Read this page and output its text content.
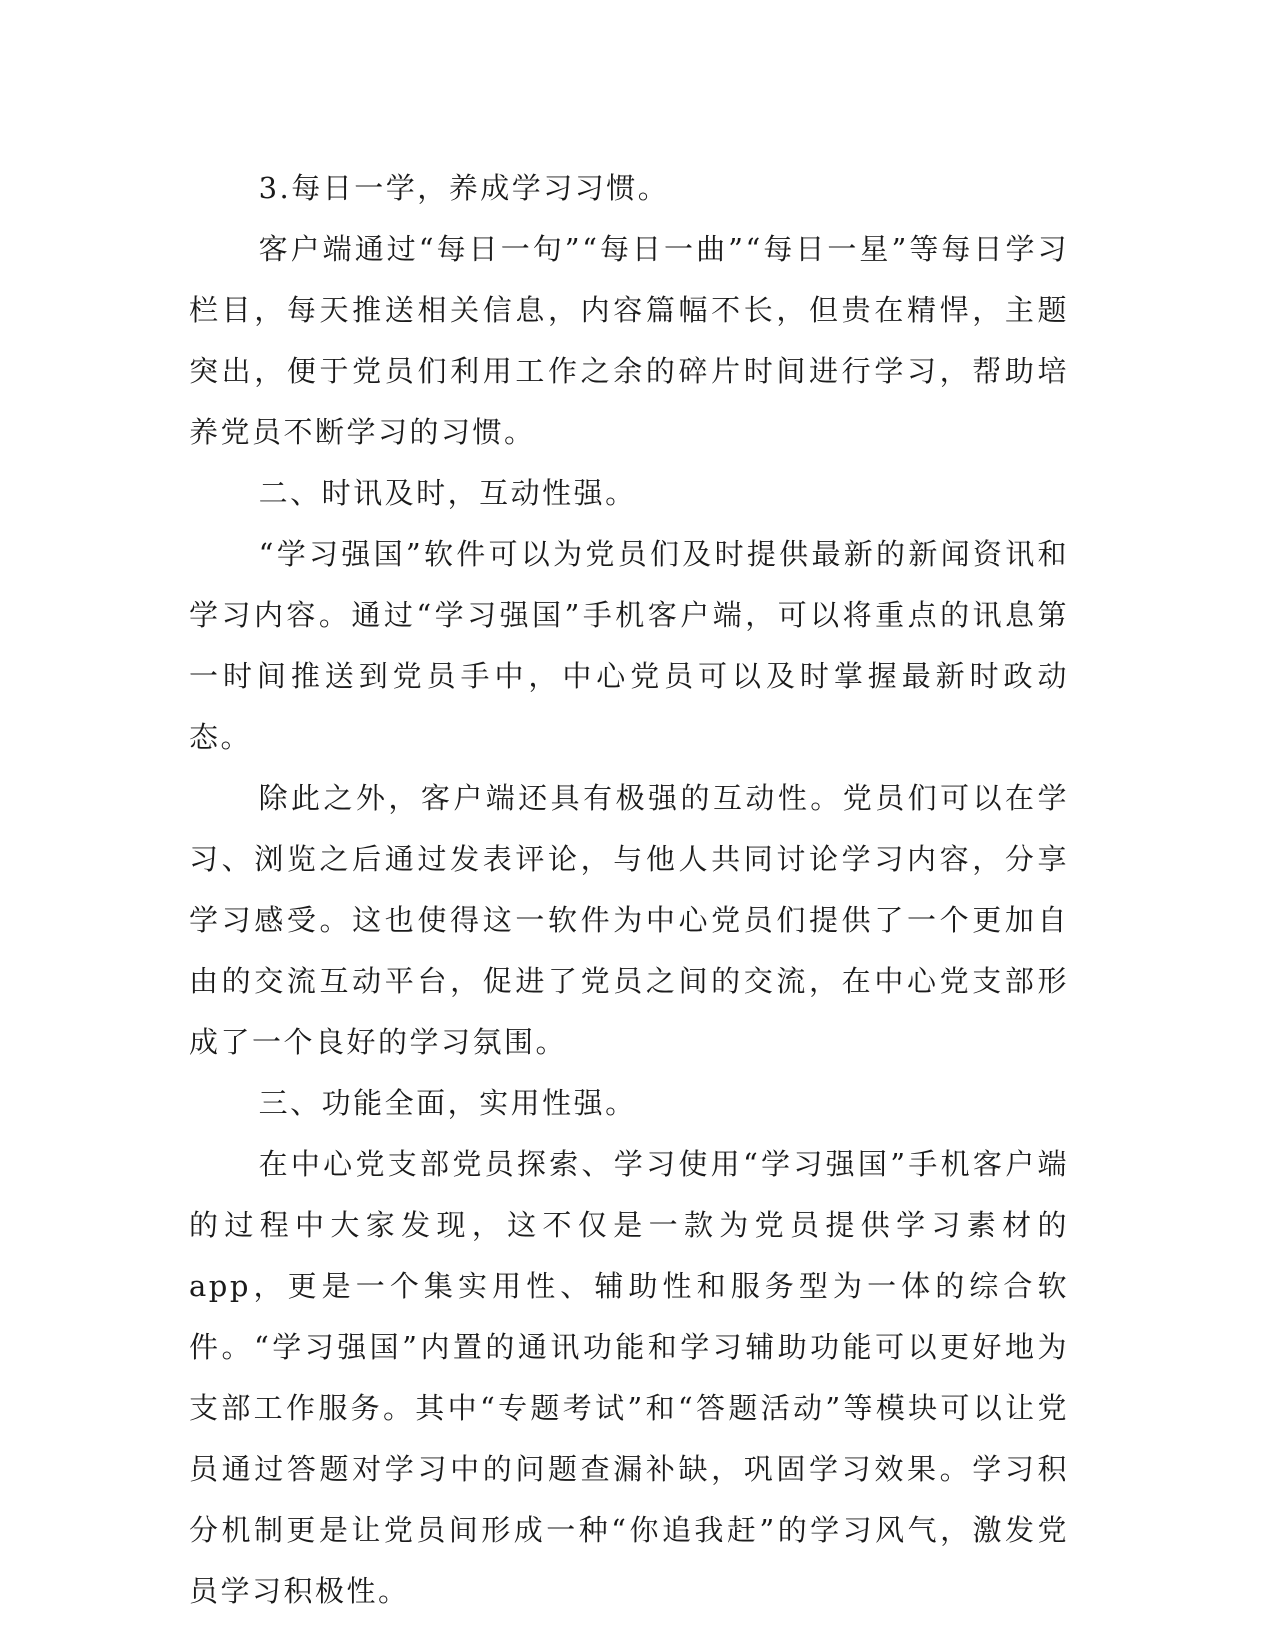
3.每日一学，养成学习习惯。

客户端通过“每日一句”“每日一曲”“每日一星”等每日学习栏目，每天推送相关信息，内容篇幅不长，但贵在精悍，主题突出，便于党员们利用工作之余的碎片时间进行学习，帮助培养党员不断学习的习惯。

二、时讯及时，互动性强。

“学习强国”软件可以为党员们及时提供最新的新闻资讯和学习内容。通过“学习强国”手机客户端，可以将重点的讯息第一时间推送到党员手中，中心党员可以及时掌握最新时政动态。

除此之外，客户端还具有极强的互动性。党员们可以在学习、浏览之后通过发表评论，与他人共同讨论学习内容，分享学习感受。这也使得这一软件为中心党员们提供了一个更加自由的交流互动平台，促进了党员之间的交流，在中心党支部形成了一个良好的学习氛围。

三、功能全面，实用性强。

在中心党支部党员探索、学习使用“学习强国”手机客户端的过程中大家发现，这不仅是一款为党员提供学习素材的app，更是一个集实用性、辅助性和服务型为一体的综合软件。“学习强国”内置的通讯功能和学习辅助功能可以更好地为支部工作服务。其中“专题考试”和“答题活动”等模块可以让党员通过答题对学习中的问题查漏补缺，巩固学习效果。学习积分机制更是让党员间形成一种“你追我赶”的学习风气，激发党员学习积极性。
